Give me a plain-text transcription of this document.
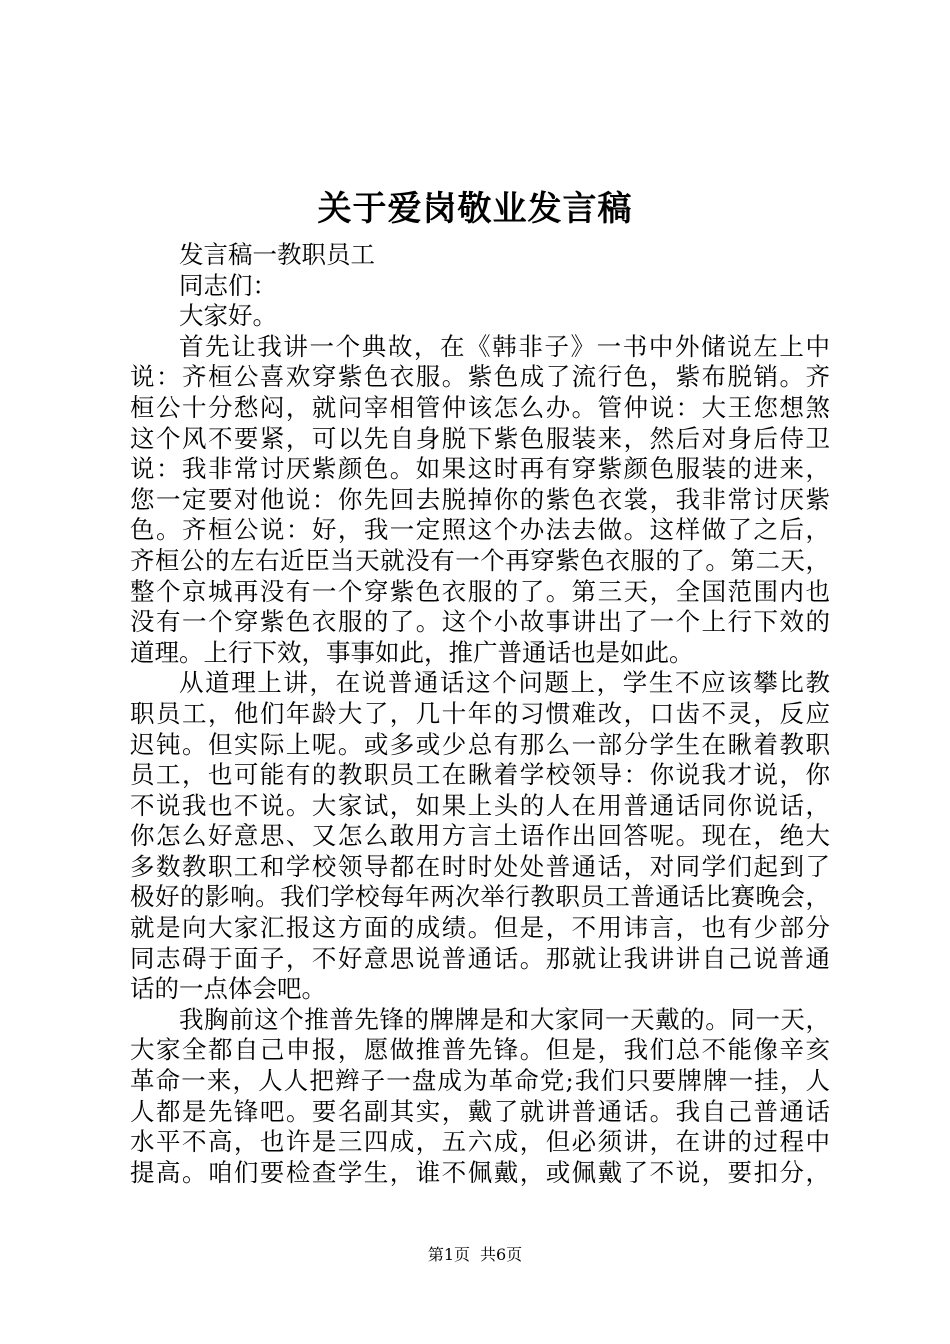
关于爱岗敬业发言稿

发言稿一教职员工

同志们：

大家好。

首先让我讲一个典故，在《韩非子》一书中外储说左上中

说：齐桓公喜欢穿紫色衣服。紫色成了流行色，紫布脱销。齐

桓公十分愁闷，就问宰相管仲该怎么办。管仲说：大王您想煞

这个风不要紧，可以先自身脱下紫色服装来，然后对身后侍卫

说：我非常讨厌紫颜色。如果这时再有穿紫颜色服装的进来，

您一定要对他说：你先回去脱掉你的紫色衣裳，我非常讨厌紫

色。齐桓公说：好，我一定照这个办法去做。这样做了之后，

齐桓公的左右近臣当天就没有一个再穿紫色衣服的了。第二天，

整个京城再没有一个穿紫色衣服的了。第三天，全国范围内也

没有一个穿紫色衣服的了。这个小故事讲出了一个上行下效的

道理。上行下效，事事如此，推广普通话也是如此。

从道理上讲，在说普通话这个问题上，学生不应该攀比教

职员工，他们年龄大了，几十年的习惯难改，口齿不灵，反应

迟钝。但实际上呢。或多或少总有那么一部分学生在瞅着教职

员工，也可能有的教职员工在瞅着学校领导：你说我才说，你

不说我也不说。大家试，如果上头的人在用普通话同你说话，

你怎么好意思、又怎么敢用方言土语作出回答呢。现在，绝大

多数教职工和学校领导都在时时处处普通话，对同学们起到了

极好的影响。我们学校每年两次举行教职员工普通话比赛晚会，

就是向大家汇报这方面的成绩。但是，不用讳言，也有少部分

同志碍于面子，不好意思说普通话。那就让我讲讲自己说普通

话的一点体会吧。

我胸前这个推普先锋的牌牌是和大家同一天戴的。同一天，

大家全都自己申报，愿做推普先锋。但是，我们总不能像辛亥

革命一来，人人把辫子一盘成为革命党;我们只要牌牌一挂，人

人都是先锋吧。要名副其实，戴了就讲普通话。我自己普通话

水平不高，也许是三四成，五六成，但必须讲，在讲的过程中

提高。咱们要检查学生，谁不佩戴，或佩戴了不说，要扣分，

第1页 共6页
